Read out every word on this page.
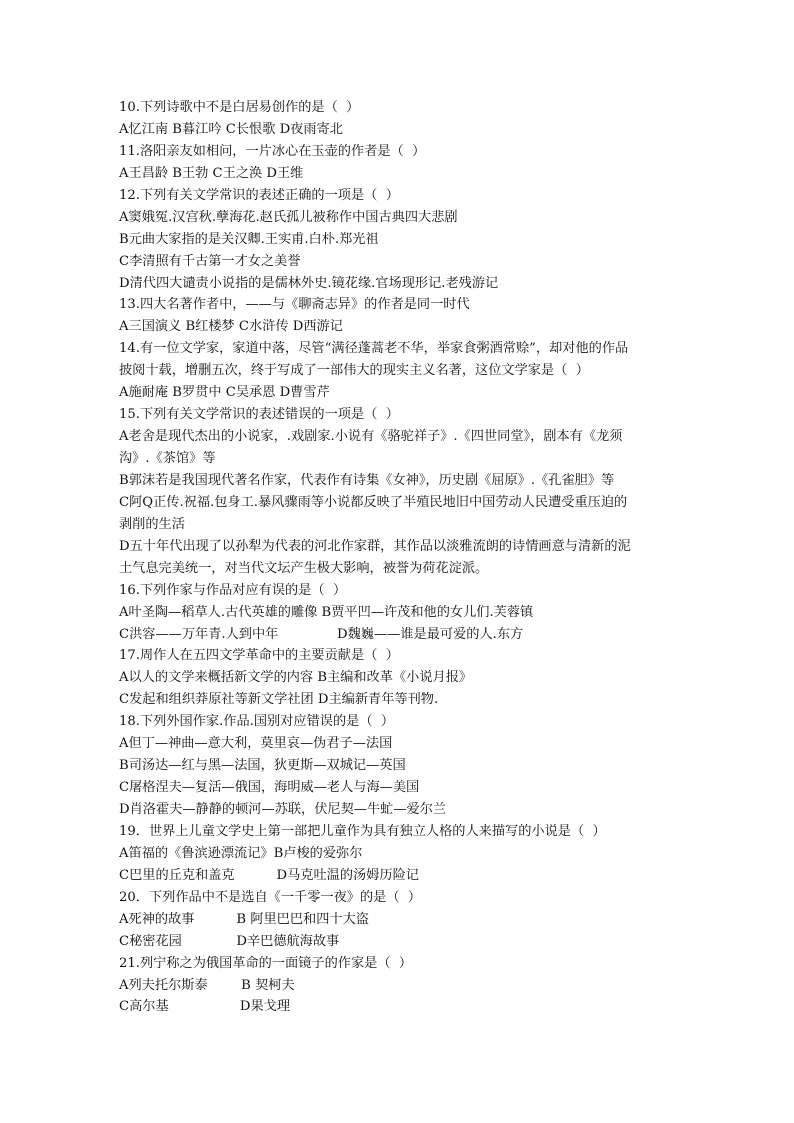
10.下列诗歌中不是白居易创作的是（  ）
A忆江南 B暮江吟 C长恨歌 D夜雨寄北
11.洛阳亲友如相问，一片冰心在玉壶的作者是（  ）
A王昌龄 B王勃 C王之涣 D王维
12.下列有关文学常识的表述正确的一项是（  ）
A窦娥冤.汉宫秋.孽海花.赵氏孤儿被称作中国古典四大悲剧
B元曲大家指的是关汉卿.王实甫.白朴.郑光祖
C李清照有千古第一才女之美誉
D清代四大谴责小说指的是儒林外史.镜花缘.官场现形记.老残游记
13.四大名著作者中，——与《聊斋志异》的作者是同一时代
A三国演义 B红楼梦 C水浒传 D西游记
14.有一位文学家，家道中落，尽管“满径蓬蒿老不华，举家食粥酒常赊”，却对他的作品
披阅十载，增删五次，终于写成了一部伟大的现实主义名著，这位文学家是（  ）
A施耐庵 B罗贯中 C吴承恩 D曹雪芹
15.下列有关文学常识的表述错误的一项是（  ）
A老舍是现代杰出的小说家，.戏剧家.小说有《骆驼祥子》.《四世同堂》，剧本有《龙须
沟》.《茶馆》等
B郭沫若是我国现代著名作家，代表作有诗集《女神》，历史剧《屈原》.《孔雀胆》等
C阿Q正传.祝福.包身工.暴风骤雨等小说都反映了半殖民地旧中国劳动人民遭受重压迫的
剥削的生活
D五十年代出现了以孙犁为代表的河北作家群，其作品以淡雅流朗的诗情画意与清新的泥
土气息完美统一，对当代文坛产生极大影响，被誉为荷花淀派。
16.下列作家与作品对应有误的是（  ）
A叶圣陶—稻草人.古代英雄的雕像 B贾平凹—许茂和他的女儿们.芙蓉镇
C洪容——万年青.人到中年              D魏巍——谁是最可爱的人.东方
17.周作人在五四文学革命中的主要贡献是（  ）
A以人的文学来概括新文学的内容 B主编和改革《小说月报》
C发起和组织莽原社等新文学社团 D主编新青年等刊物.
18.下列外国作家.作品.国别对应错误的是（  ）
A但丁—神曲—意大利，莫里哀—伪君子—法国
B司汤达—红与黑—法国，狄更斯—双城记—英国
C屠格涅夫—复活—俄国，海明威—老人与海—美国
D肖洛霍夫—静静的顿河—苏联，伏尼契—牛虻—爱尔兰
19．世界上儿童文学史上第一部把儿童作为具有独立人格的人来描写的小说是（  ）
A笛福的《鲁滨逊漂流记》B卢梭的爱弥尔
C巴里的丘克和盖克          D马克吐温的汤姆历险记
20．下列作品中不是选自《一千零一夜》的是（  ）
A死神的故事          B 阿里巴巴和四十大盗
C秘密花园             D辛巴德航海故事
21.列宁称之为俄国革命的一面镜子的作家是（  ）
A列夫托尔斯泰        B 契柯夫
C高尔基                 D果戈理
